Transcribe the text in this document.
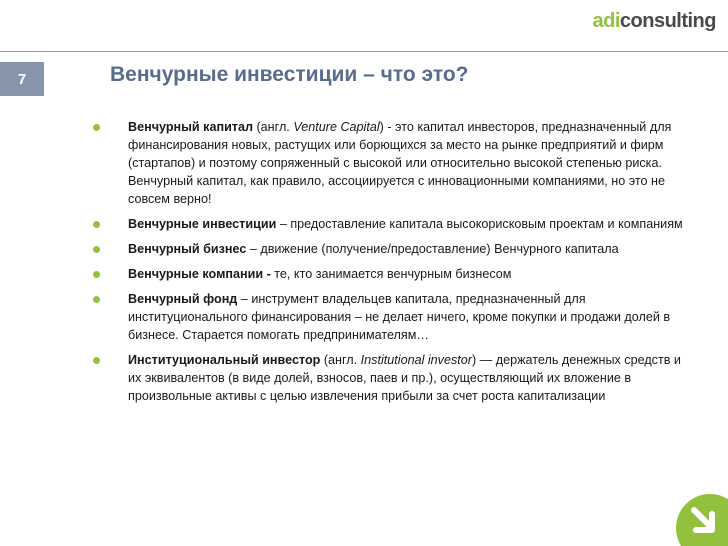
adiconsulting
7	Венчурные инвестиции – что это?
Венчурный капитал (англ. Venture Capital) - это капитал инвесторов, предназначенный для финансирования новых, растущих или борющихся за место на рынке предприятий и фирм (стартапов) и поэтому сопряженный с высокой или относительно высокой степенью риска. Венчурный капитал, как правило, ассоциируется с инновационными компаниями, но это не совсем верно!
Венчурные инвестиции – предоставление капитала высокорисковым проектам и компаниям
Венчурный бизнес – движение (получение/предоставление) Венчурного капитала
Венчурные компании - те, кто занимается венчурным бизнесом
Венчурный фонд – инструмент владельцев капитала, предназначенный для институционального финансирования – не делает ничего, кроме покупки и продажи долей в бизнесе. Старается помогать предпринимателям…
Институциональный инвестор (англ. Institutional investor) — держатель денежных средств и их эквивалентов (в виде долей, взносов, паев и пр.), осуществляющий их вложение в произвольные активы с целью извлечения прибыли за счет роста капитализации
